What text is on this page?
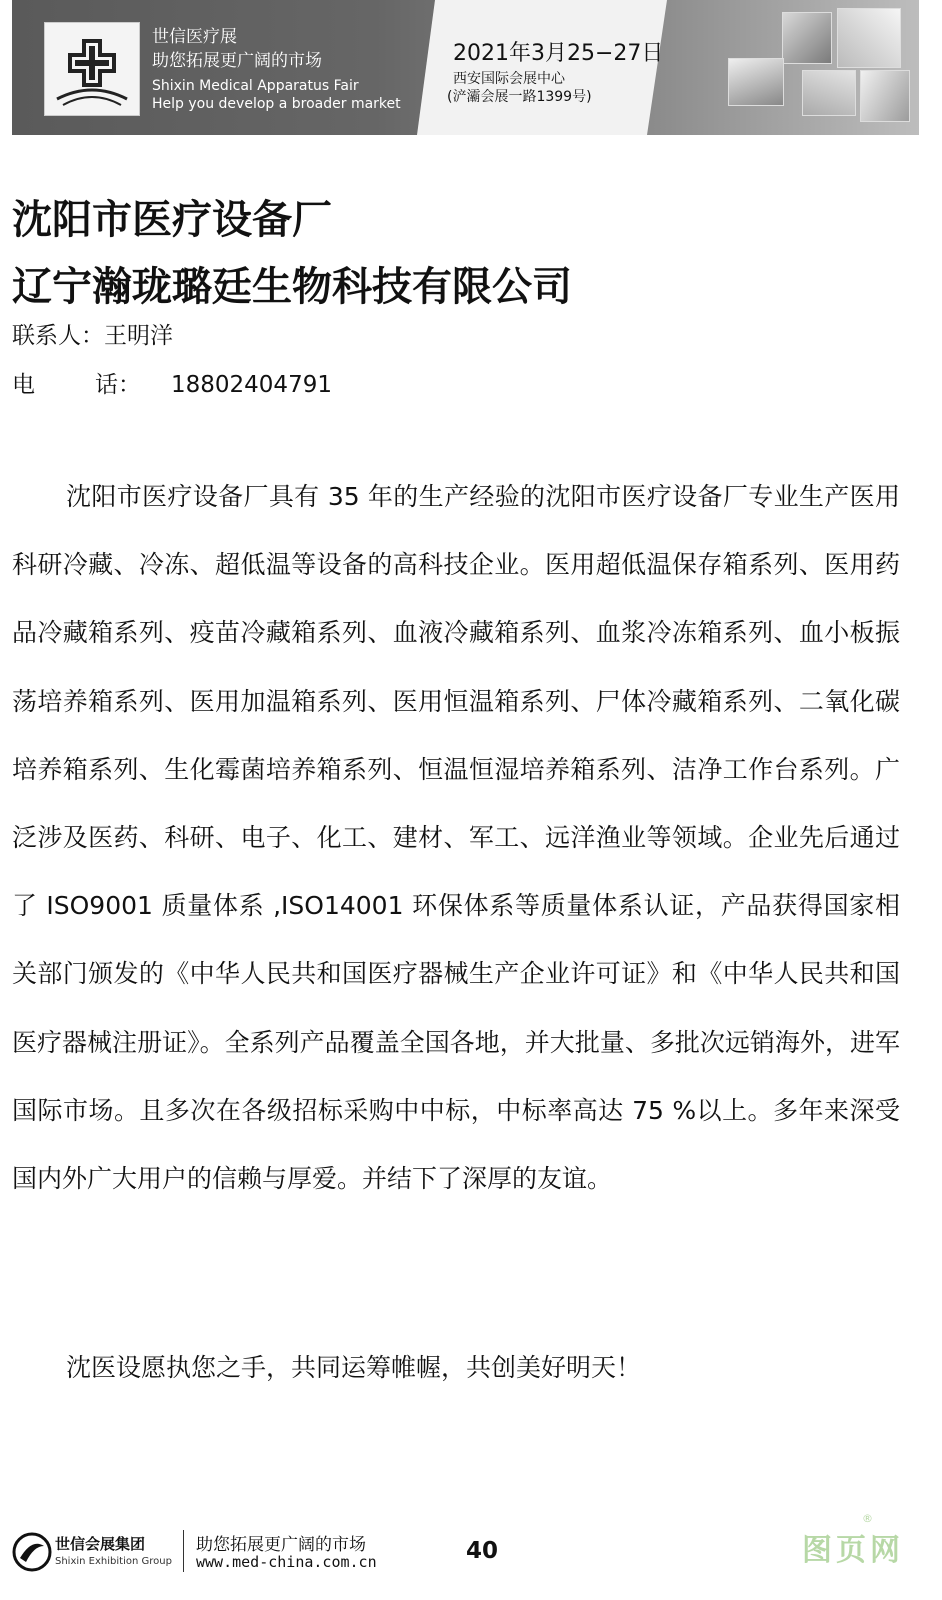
世信医疗展
助您拓展更广阔的市场
Shixin Medical Apparatus Fair
Help you develop a broader market
2021年3月25−27日
西安国际会展中心
(浐灞会展一路1399号)
沈阳市医疗设备厂
辽宁瀚珑璐廷生物科技有限公司
联系人：王明洋
电	话： 18802404791

沈阳市医疗设备厂具有 35 年的生产经验的沈阳市医疗设备厂专业生产医用科研冷藏、冷冻、超低温等设备的高科技企业。医用超低温保存箱系列、医用药品冷藏箱系列、疫苗冷藏箱系列、血液冷藏箱系列、血浆冷冻箱系列、血小板振荡培养箱系列、医用加温箱系列、医用恒温箱系列、尸体冷藏箱系列、二氧化碳培养箱系列、生化霉菌培养箱系列、恒温恒湿培养箱系列、洁净工作台系列。广泛涉及医药、科研、电子、化工、建材、军工、远洋渔业等领域。企业先后通过了 ISO9001 质量体系 ,ISO14001 环保体系等质量体系认证，产品获得国家相关部门颁发的《中华人民共和国医疗器械生产企业许可证》和《中华人民共和国医疗器械注册证》。全系列产品覆盖全国各地，并大批量、多批次远销海外，进军国际市场。且多次在各级招标采购中中标，中标率高达 75 %以上。多年来深受国内外广大用户的信赖与厚爱。并结下了深厚的友谊。

沈医设愿执您之手，共同运筹帷幄，共创美好明天！
世信会展集团
Shixin Exhibition Group
助您拓展更广阔的市场
www.med-china.com.cn	40	图页网
®
